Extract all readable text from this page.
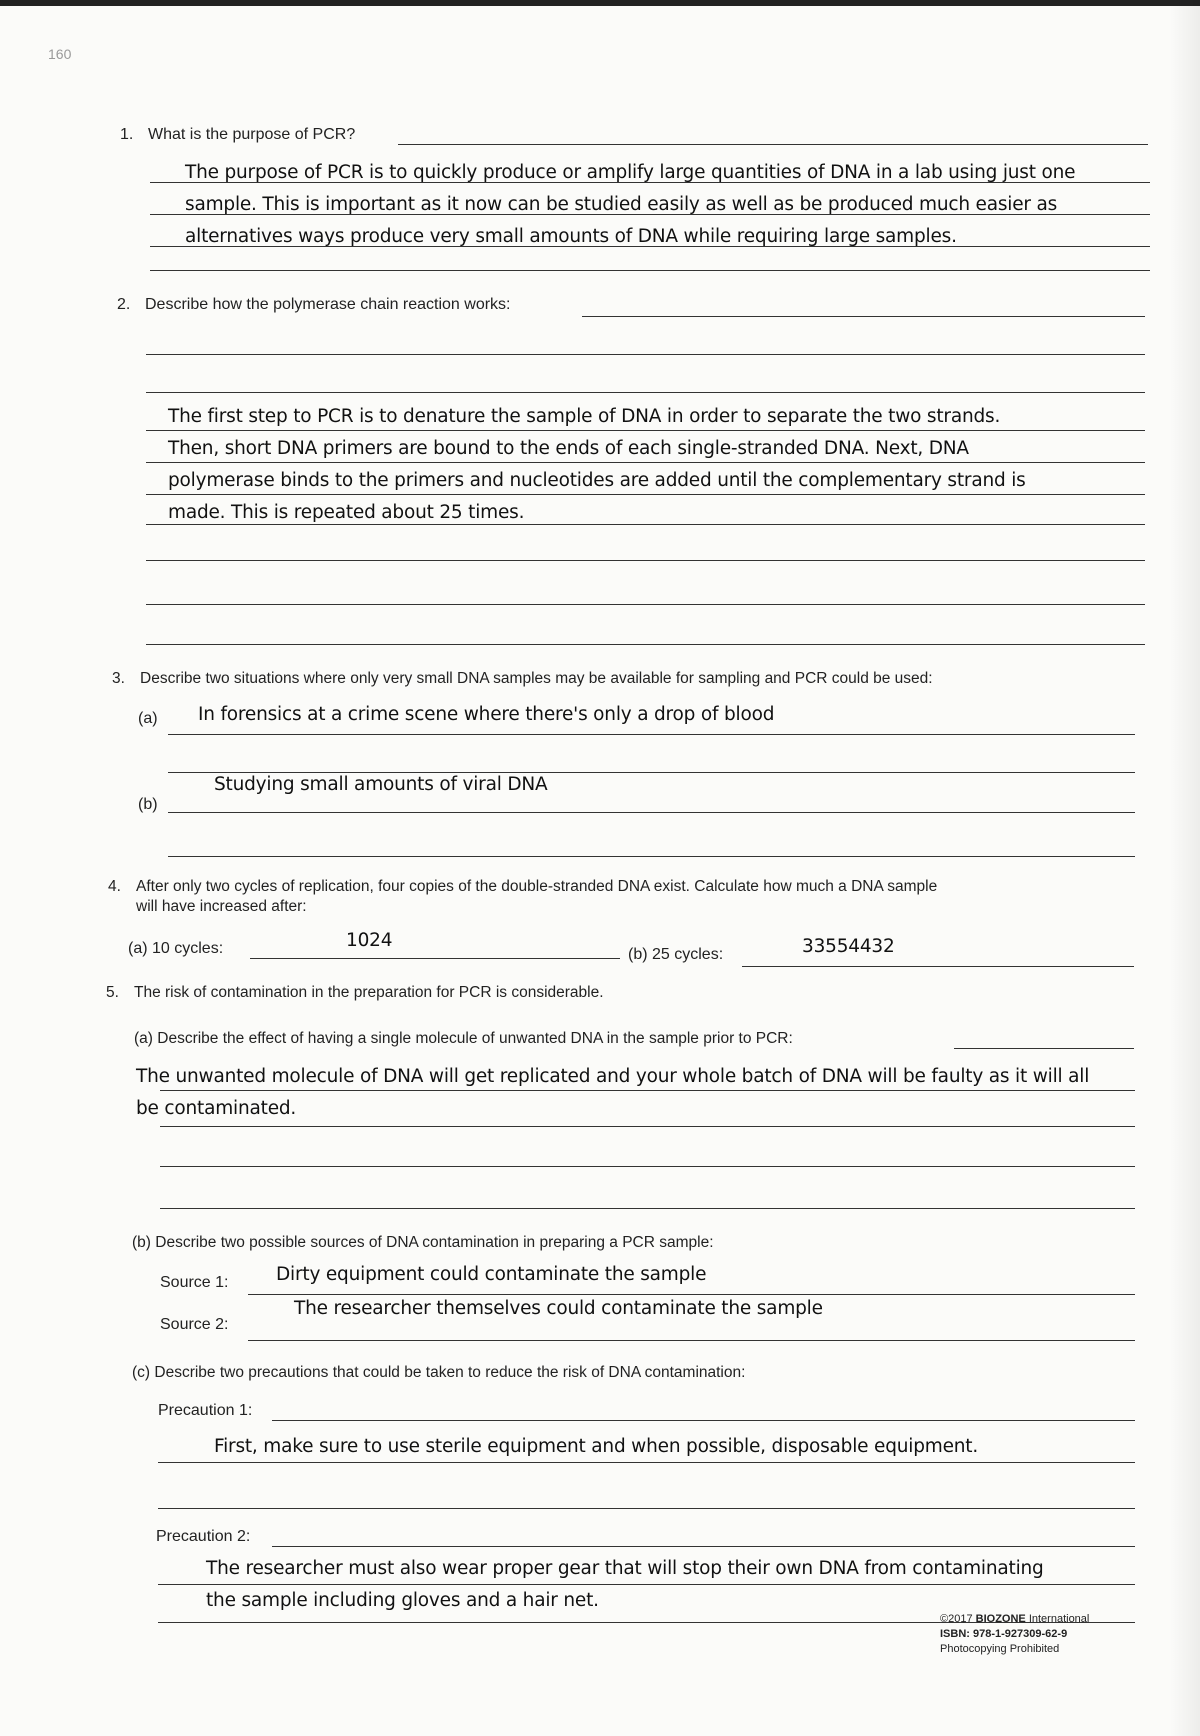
160
1. What is the purpose of PCR?
The purpose of PCR is to quickly produce or amplify large quantities of DNA in a lab using just one
sample. This is important as it now can be studied easily as well as be produced much easier as
alternatives ways produce very small amounts of DNA while requiring large samples.
2. Describe how the polymerase chain reaction works:
The first step to PCR is to denature the sample of DNA in order to separate the two strands.
Then, short DNA primers are bound to the ends of each single-stranded DNA. Next, DNA
polymerase binds to the primers and nucleotides are added until the complementary strand is
made. This is repeated about 25 times.
3. Describe two situations where only very small DNA samples may be available for sampling and PCR could be used:
(a) In forensics at a crime scene where there's only a drop of blood
(b)
Studying small amounts of viral DNA
4. After only two cycles of replication, four copies of the double-stranded DNA exist. Calculate how much a DNA sample
will have increased after:
(a) 10 cycles:	1024
(b) 25 cycles:	33554432
5. The risk of contamination in the preparation for PCR is considerable.
(a) Describe the effect of having a single molecule of unwanted DNA in the sample prior to PCR:
The unwanted molecule of DNA will get replicated and your whole batch of DNA will be faulty as it will all
be contaminated.
(b) Describe two possible sources of DNA contamination in preparing a PCR sample:
Source 1:	Dirty equipment could contaminate the sample
Source 2:
The researcher themselves could contaminate the sample
(c) Describe two precautions that could be taken to reduce the risk of DNA contamination:
Precaution 1:
First, make sure to use sterile equipment and when possible, disposable equipment.
Precaution 2:
The researcher must also wear proper gear that will stop their own DNA from contaminating
the sample including gloves and a hair net.
©2017 BIOZONE International
ISBN: 978-1-927309-62-9
Photocopying Prohibited
